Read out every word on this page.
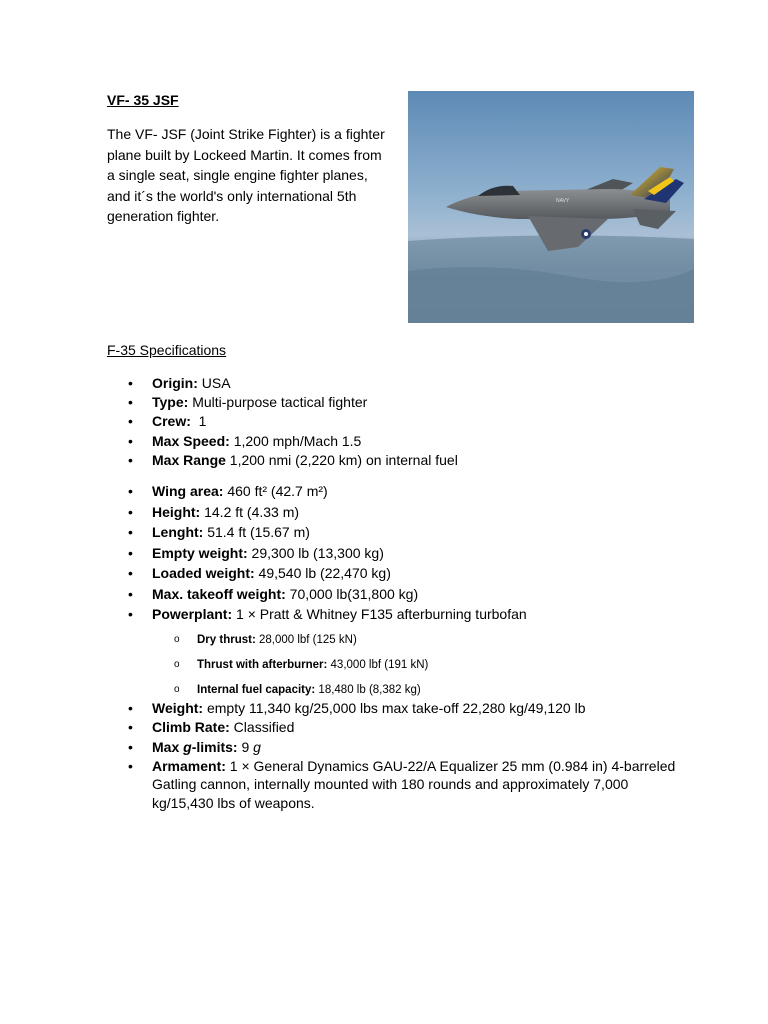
VF- 35 JSF
The VF- JSF (Joint Strike Fighter) is a fighter plane built by Lockeed Martin. It comes from a single seat, single engine fighter planes, and it´s the world's only international 5th generation fighter.
NAVY
F-35 Specifications
• Origin: USA
• Type: Multi-purpose tactical fighter
• Crew:  1
• Max Speed: 1,200 mph/Mach 1.5
• Max Range 1,200 nmi (2,220 km) on internal fuel
• Wing area: 460 ft² (42.7 m²)
• Height: 14.2 ft (4.33 m)
• Lenght: 51.4 ft (15.67 m)
• Empty weight: 29,300 lb (13,300 kg)
• Loaded weight: 49,540 lb (22,470 kg)
• Max. takeoff weight: 70,000 lb(31,800 kg)
• Powerplant: 1 × Pratt & Whitney F135 afterburning turbofan
o Dry thrust: 28,000 lbf (125 kN)
o Thrust with afterburner: 43,000 lbf (191 kN)
o Internal fuel capacity: 18,480 lb (8,382 kg)
• Weight: empty 11,340 kg/25,000 lbs max take-off 22,280 kg/49,120 lb
• Climb Rate: Classified
• Max g-limits: 9 g
• Armament: 1 × General Dynamics GAU-22/A Equalizer 25 mm (0.984 in) 4-barreled Gatling cannon, internally mounted with 180 rounds and approximately 7,000 kg/15,430 lbs of weapons.
